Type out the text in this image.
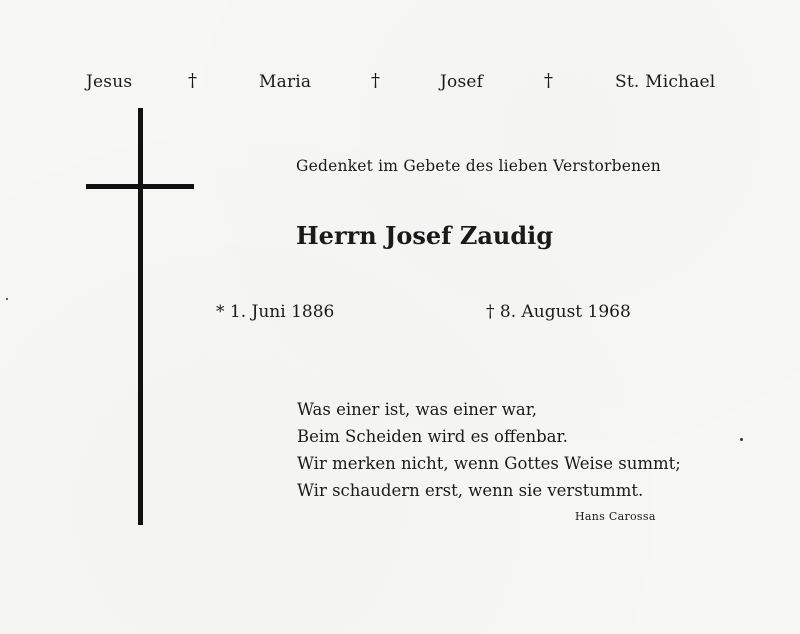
Jesus	†	Maria	†	Josef	†	St. Michael
Gedenket im Gebete des lieben Verstorbenen
Herrn Josef Zaudig
* 1. Juni 1886	† 8. August 1968
Was einer ist, was einer war,
Beim Scheiden wird es offenbar.
Wir merken nicht, wenn Gottes Weise summt;
Wir schaudern erst, wenn sie verstummt.
Hans Carossa
